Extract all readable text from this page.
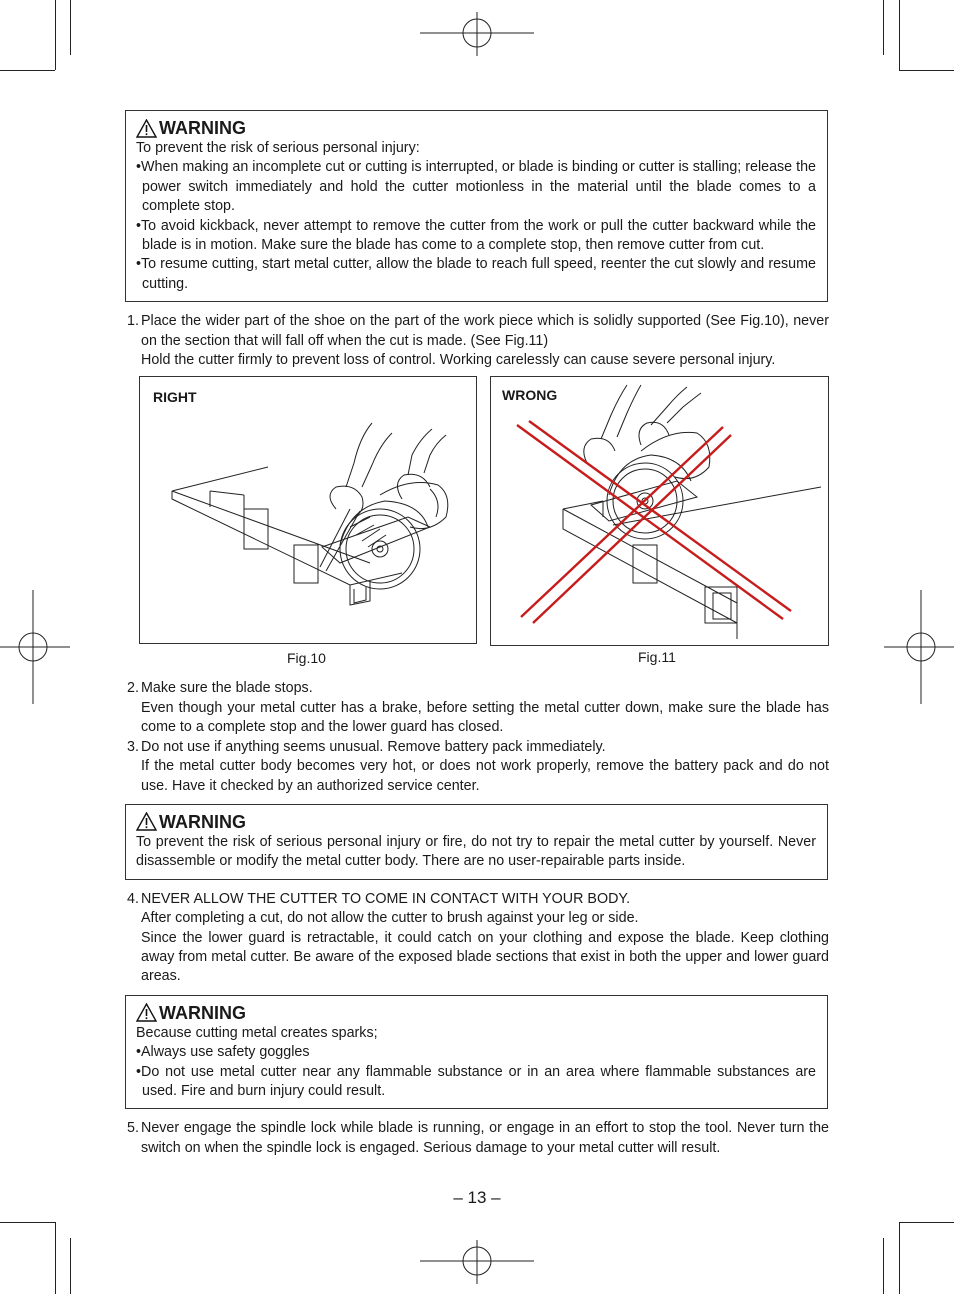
WARNING

To prevent the risk of serious personal injury:

•When making an incomplete cut or cutting is interrupted, or blade is binding or cutter is stalling; release the power switch immediately and hold the cutter motionless in the material until the blade comes to a complete stop.

•To avoid kickback, never attempt to remove the cutter from the work or pull the cutter backward while the blade is in motion. Make sure the blade has come to a complete stop, then remove cutter from cut.

•To resume cutting, start metal cutter, allow the blade to reach full speed, reenter the cut slowly and resume cutting.

1. Place the wider part of the shoe on the part of the work piece which is solidly supported (See Fig.10), never on the section that will fall off when the cut is made. (See Fig.11)
Hold the cutter firmly to prevent loss of control. Working carelessly can cause severe personal injury.
RIGHT
Fig.10
WRONG
Fig.11
2. Make sure the blade stops.
Even though your metal cutter has a brake, before setting the metal cutter down, make sure the blade has come to a complete stop and the lower guard has closed.
3. Do not use if anything seems unusual. Remove battery pack immediately.
If the metal cutter body becomes very hot, or does not work properly, remove the battery pack and do not use. Have it checked by an authorized service center.
WARNING

To prevent the risk of serious personal injury or fire, do not try to repair the metal cutter by yourself. Never disassemble or modify the metal cutter body. There are no user-repairable parts inside.

4. NEVER ALLOW THE CUTTER TO COME IN CONTACT WITH YOUR BODY.
After completing a cut, do not allow the cutter to brush against your leg or side.
Since the lower guard is retractable, it could catch on your clothing and expose the blade. Keep clothing away from metal cutter. Be aware of the exposed blade sections that exist in both the upper and lower guard areas.
WARNING

Because cutting metal creates sparks;

•Always use safety goggles

•Do not use metal cutter near any flammable substance or in an area where flammable substances are used. Fire and burn injury could result.

5. Never engage the spindle lock while blade is running, or engage in an effort to stop the tool. Never turn the switch on when the spindle lock is engaged. Serious damage to your metal cutter will result.
– 13 –
